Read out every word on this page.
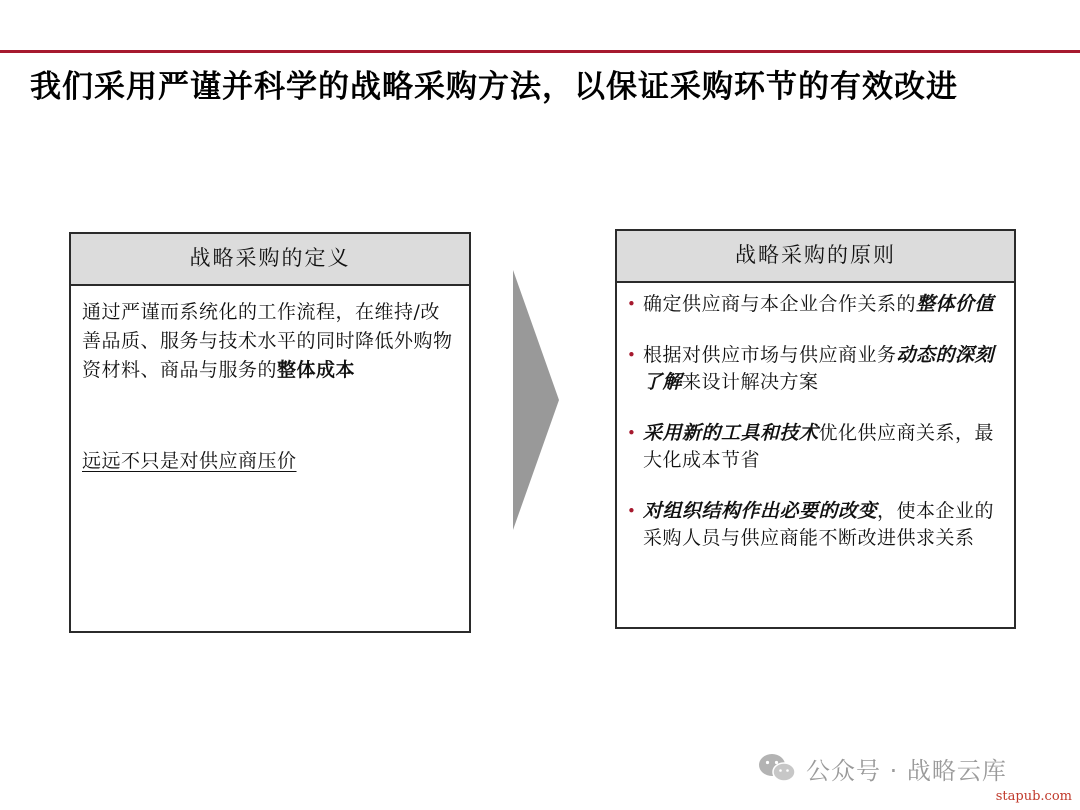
我们采用严谨并科学的战略采购方法，以保证采购环节的有效改进
战略采购的定义
通过严谨而系统化的工作流程，在维持/改善品质、服务与技术水平的同时降低外购物资材料、商品与服务的整体成本
远远不只是对供应商压价
战略采购的原则
• 确定供应商与本企业合作关系的整体价值
• 根据对供应市场与供应商业务动态的深刻了解来设计解决方案
• 采用新的工具和技术优化供应商关系，最大化成本节省
• 对组织结构作出必要的改变，使本企业的采购人员与供应商能不断改进供求关系
公众号 · 战略云库
stapub.com
